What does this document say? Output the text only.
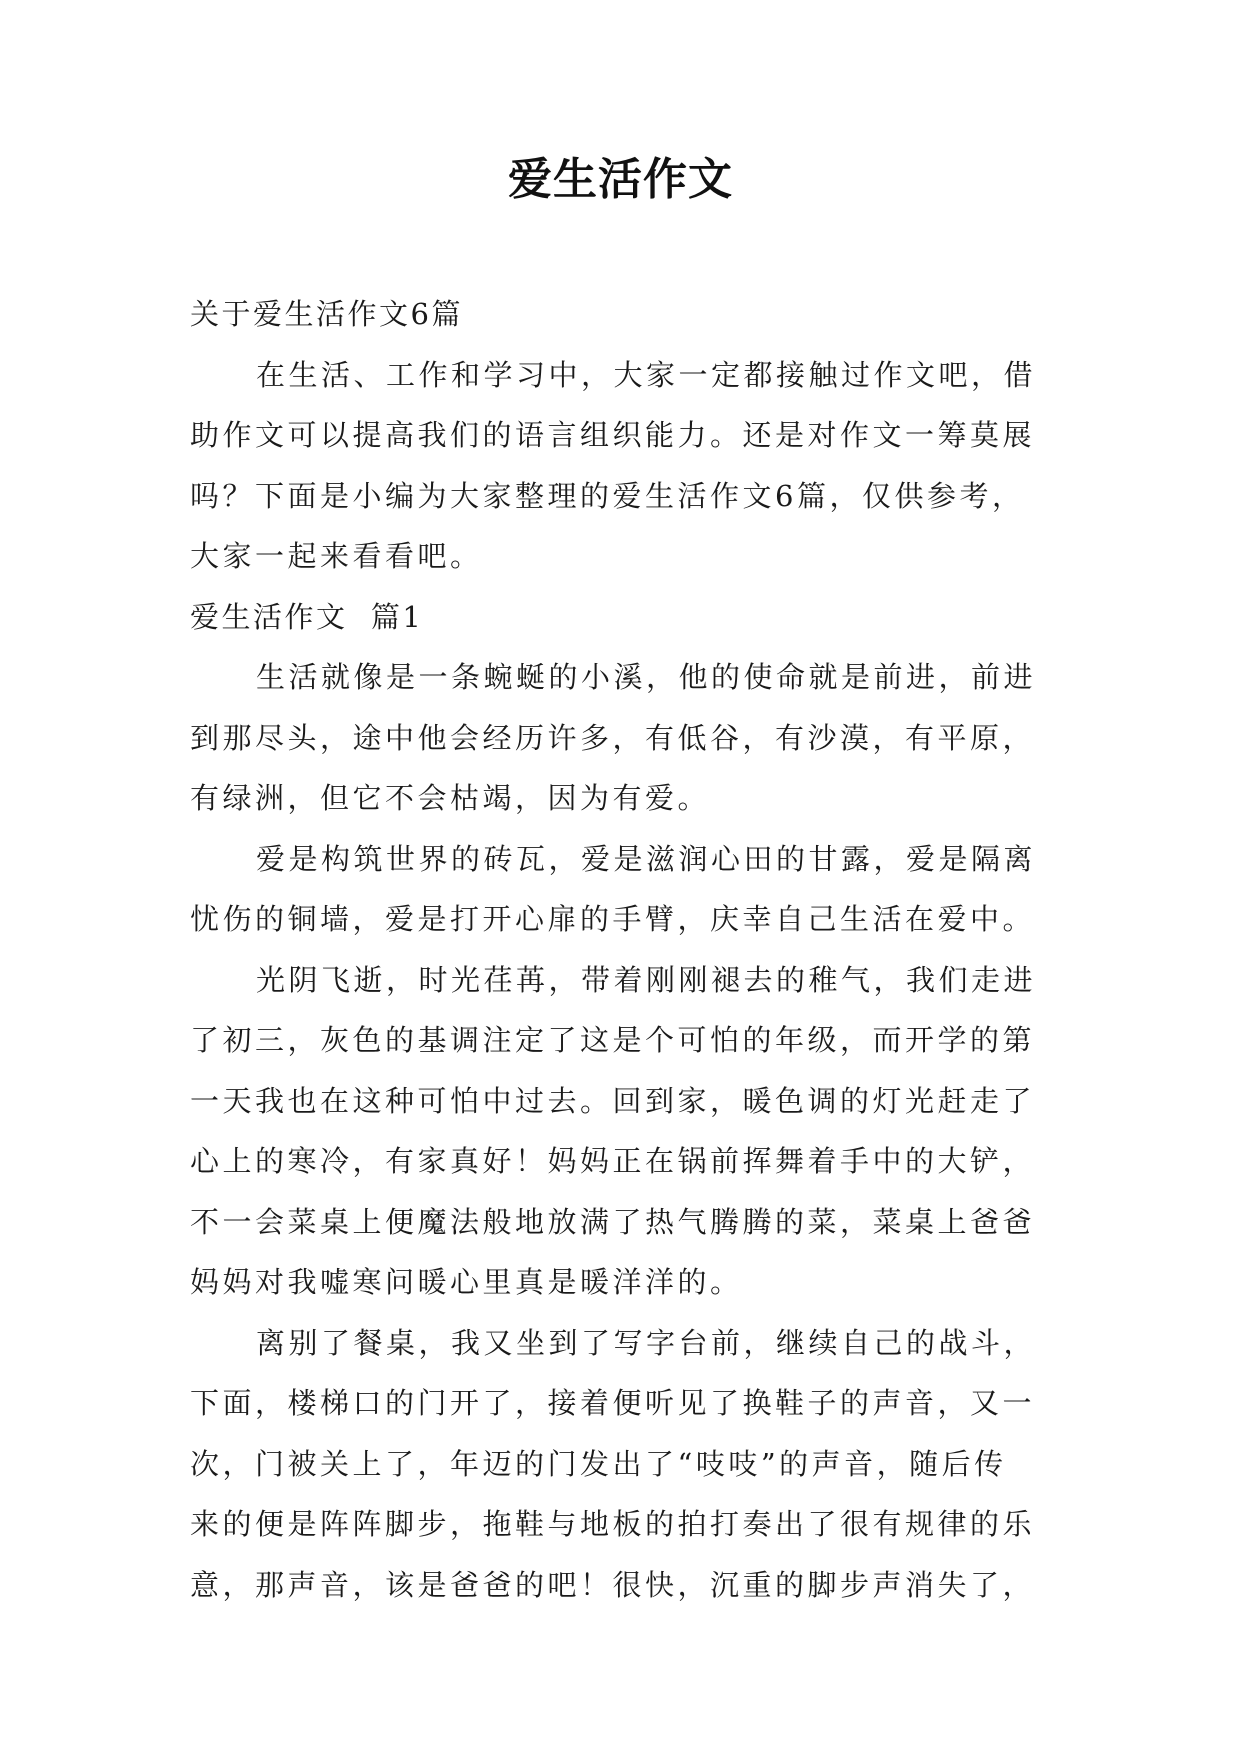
爱生活作文
关于爱生活作文6篇
在生活、工作和学习中，大家一定都接触过作文吧，借
助作文可以提高我们的语言组织能力。还是对作文一筹莫展
吗？下面是小编为大家整理的爱生活作文6篇，仅供参考，
大家一起来看看吧。
爱生活作文  篇1
生活就像是一条蜿蜒的小溪，他的使命就是前进，前进
到那尽头，途中他会经历许多，有低谷，有沙漠，有平原，
有绿洲，但它不会枯竭，因为有爱。
爱是构筑世界的砖瓦，爱是滋润心田的甘露，爱是隔离
忧伤的铜墙，爱是打开心扉的手臂，庆幸自己生活在爱中。
光阴飞逝，时光荏苒，带着刚刚褪去的稚气，我们走进
了初三，灰色的基调注定了这是个可怕的年级，而开学的第
一天我也在这种可怕中过去。回到家，暖色调的灯光赶走了
心上的寒冷，有家真好！妈妈正在锅前挥舞着手中的大铲，
不一会菜桌上便魔法般地放满了热气腾腾的菜，菜桌上爸爸
妈妈对我嘘寒问暖心里真是暖洋洋的。
离别了餐桌，我又坐到了写字台前，继续自己的战斗，
下面，楼梯口的门开了，接着便听见了换鞋子的声音，又一
次，门被关上了，年迈的门发出了“吱吱”的声音，随后传
来的便是阵阵脚步，拖鞋与地板的拍打奏出了很有规律的乐
意，那声音，该是爸爸的吧！很快，沉重的脚步声消失了，
